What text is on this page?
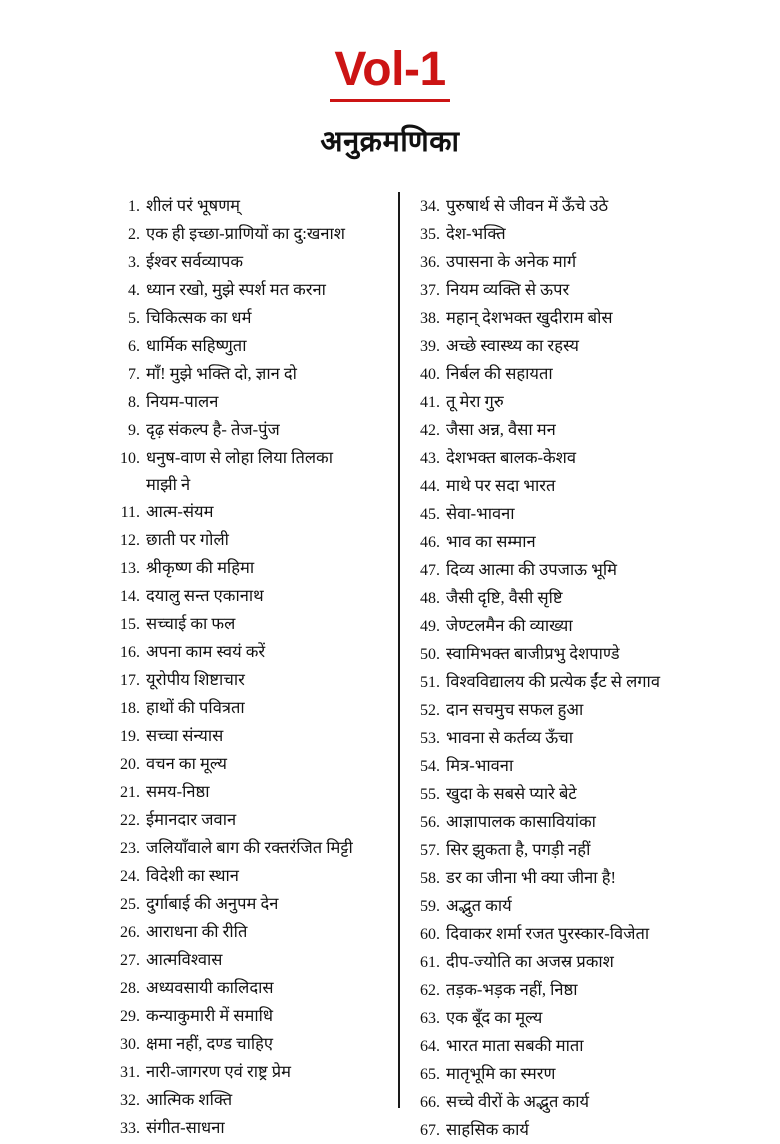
Vol-1
अनुक्रमणिका
1. शीलं परं भूषणम्
2. एक ही इच्छा-प्राणियों का दु:खनाश
3. ईश्वर सर्वव्यापक
4. ध्यान रखो, मुझे स्पर्श मत करना
5. चिकित्सक का धर्म
6. धार्मिक सहिष्णुता
7. माँ! मुझे भक्ति दो, ज्ञान दो
8. नियम-पालन
9. दृढ़ संकल्प है- तेज-पुंज
10. धनुष-वाण से लोहा लिया तिलका
माझी ने
11. आत्म-संयम
12. छाती पर गोली
13. श्रीकृष्ण की महिमा
14. दयालु सन्त एकानाथ
15. सच्चाई का फल
16. अपना काम स्वयं करें
17. यूरोपीय शिष्टाचार
18. हाथों की पवित्रता
19. सच्चा संन्यास
20. वचन का मूल्य
21. समय-निष्ठा
22. ईमानदार जवान
23. जलियाँवाले बाग की रक्तरंजित मिट्टी
24. विदेशी का स्थान
25. दुर्गाबाई की अनुपम देन
26. आराधना की रीति
27. आत्मविश्वास
28. अध्यवसायी कालिदास
29. कन्याकुमारी में समाधि
30. क्षमा नहीं, दण्ड चाहिए
31. नारी-जागरण एवं राष्ट्र प्रेम
32. आत्मिक शक्ति
33. संगीत-साधना
34. पुरुषार्थ से जीवन में ऊँचे उठे
35. देश-भक्ति
36. उपासना के अनेक मार्ग
37. नियम व्यक्ति से ऊपर
38. महान् देशभक्त खुदीराम बोस
39. अच्छे स्वास्थ्य का रहस्य
40. निर्बल की सहायता
41. तू मेरा गुरु
42. जैसा अन्न, वैसा मन
43. देशभक्त बालक-केशव
44. माथे पर सदा भारत
45. सेवा-भावना
46. भाव का सम्मान
47. दिव्य आत्मा की उपजाऊ भूमि
48. जैसी दृष्टि, वैसी सृष्टि
49. जेण्टलमैन की व्याख्या
50. स्वामिभक्त बाजीप्रभु देशपाण्डे
51. विश्वविद्यालय की प्रत्येक ईंट से लगाव
52. दान सचमुच सफल हुआ
53. भावना से कर्तव्य ऊँचा
54. मित्र-भावना
55. खुदा के सबसे प्यारे बेटे
56. आज्ञापालक कासावियांका
57. सिर झुकता है, पगड़ी नहीं
58. डर का जीना भी क्या जीना है!
59. अद्भुत कार्य
60. दिवाकर शर्मा रजत पुरस्कार-विजेता
61. दीप-ज्योति का अजस्र प्रकाश
62. तड़क-भड़क नहीं, निष्ठा
63. एक बूँद का मूल्य
64. भारत माता सबकी माता
65. मातृभूमि का स्मरण
66. सच्चे वीरों के अद्भुत कार्य
67. साहसिक कार्य
